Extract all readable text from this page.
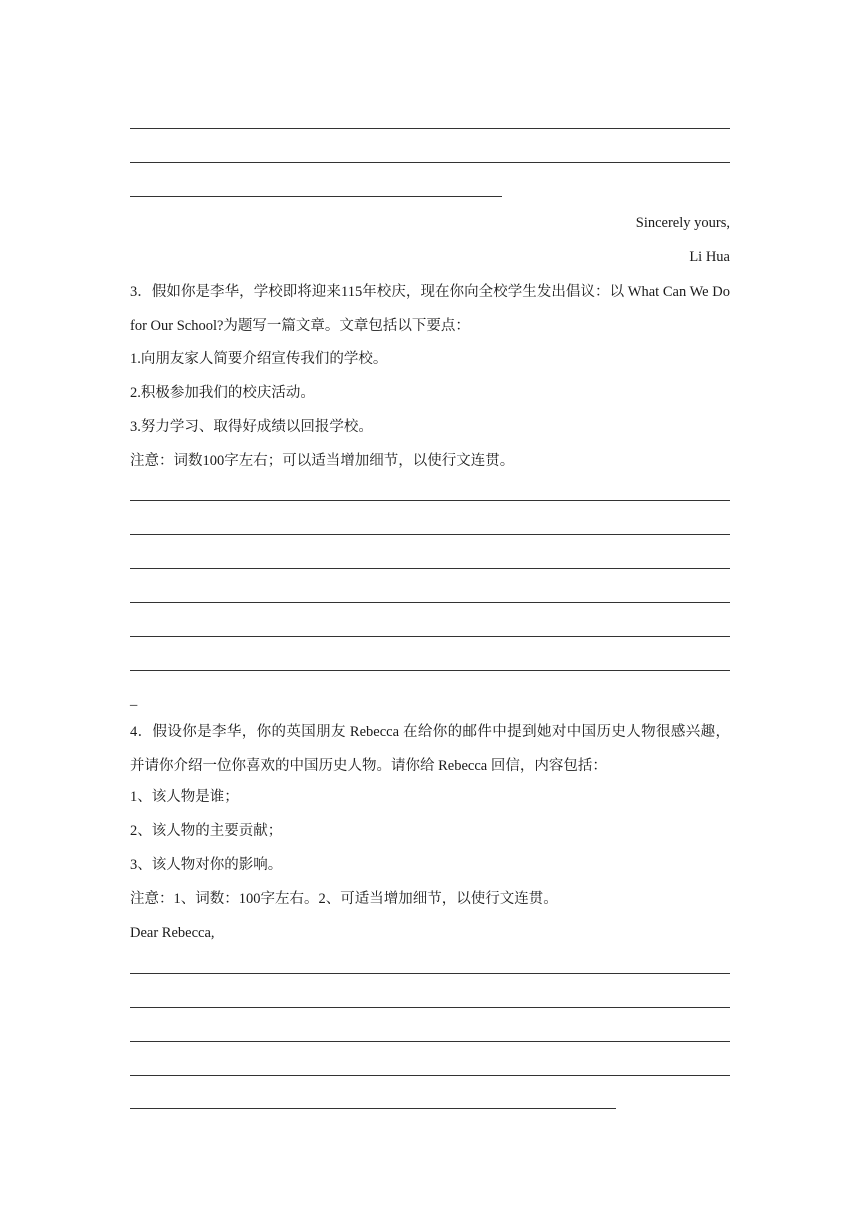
Sincerely yours,
Li Hua
3．假如你是李华，学校即将迎来115年校庆，现在你向全校学生发出倡议：以 What Can We Do for Our School?为题写一篇文章。文章包括以下要点：
1.向朋友家人简要介绍宣传我们的学校。
2.积极参加我们的校庆活动。
3.努力学习、取得好成绩以回报学校。
注意：词数100字左右；可以适当增加细节，以使行文连贯。
_
4．假设你是李华，你的英国朋友 Rebecca 在给你的邮件中提到她对中国历史人物很感兴趣，并请你介绍一位你喜欢的中国历史人物。请你给 Rebecca 回信，内容包括：
1、该人物是谁；
2、该人物的主要贡献；
3、该人物对你的影响。
注意：1、词数：100字左右。2、可适当增加细节，以使行文连贯。
Dear Rebecca,
